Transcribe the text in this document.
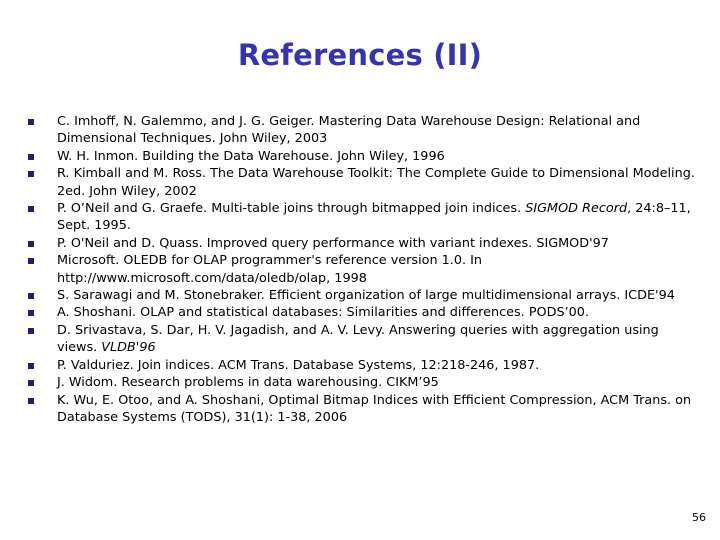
References (II)
C. Imhoff, N. Galemmo, and J. G. Geiger. Mastering Data Warehouse Design: Relational and Dimensional Techniques. John Wiley, 2003
W. H. Inmon. Building the Data Warehouse. John Wiley, 1996
R. Kimball and M. Ross. The Data Warehouse Toolkit: The Complete Guide to Dimensional Modeling. 2ed. John Wiley, 2002
P. O’Neil and G. Graefe. Multi-table joins through bitmapped join indices. SIGMOD Record, 24:8–11, Sept. 1995.
P. O'Neil and D. Quass. Improved query performance with variant indexes. SIGMOD'97
Microsoft. OLEDB for OLAP programmer's reference version 1.0. In http://www.microsoft.com/data/oledb/olap, 1998
S. Sarawagi and M. Stonebraker. Efficient organization of large multidimensional arrays. ICDE'94
A. Shoshani. OLAP and statistical databases: Similarities and differences. PODS’00.
D. Srivastava, S. Dar, H. V. Jagadish, and A. V. Levy. Answering queries with aggregation using views. VLDB'96
P. Valduriez. Join indices. ACM Trans. Database Systems, 12:218-246, 1987.
J. Widom. Research problems in data warehousing. CIKM’95
K. Wu, E. Otoo, and A. Shoshani, Optimal Bitmap Indices with Efficient Compression, ACM Trans. on Database Systems (TODS), 31(1): 1-38, 2006
56
